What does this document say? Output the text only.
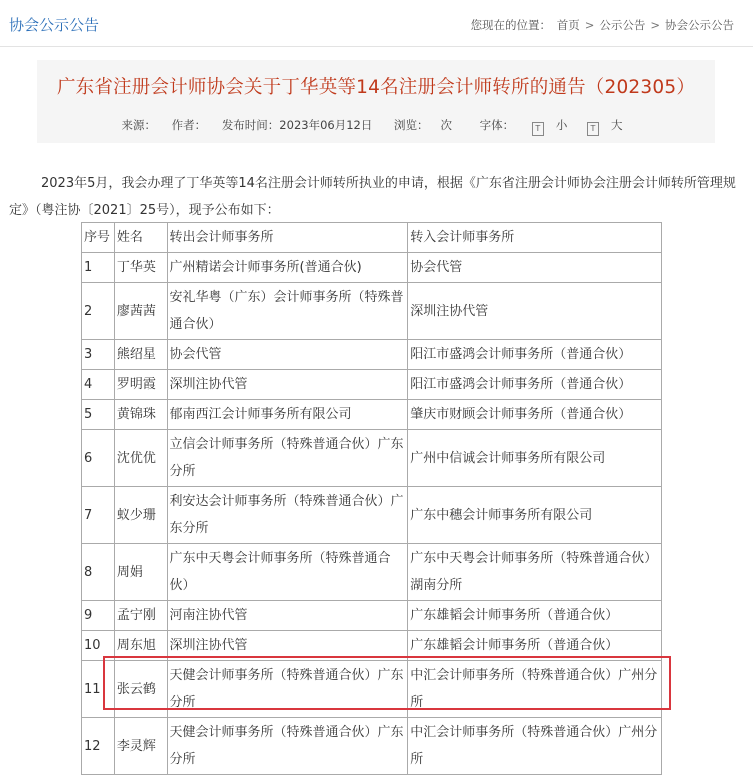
协会公示公告	您现在的位置： 首页 > 公示公告 > 协会公示公告
广东省注册会计师协会关于丁华英等14名注册会计师转所的通告（202305）
来源： 作者： 发布时间：2023年06月12日 浏览： 次 字体：	T 小	T 大
2023年5月，我会办理了丁华英等14名注册会计师转所执业的申请，根据《广东省注册会计师协会注册会计师转所管理规定》（粤注协〔2021〕25号），现予公布如下：
序号	姓名	转出会计师事务所	转入会计师事务所
1	丁华英	广州精诺会计师事务所(普通合伙)	协会代管
2	廖茜茜	安礼华粤（广东）会计师事务所（特殊普通合伙）	深圳注协代管
3	熊绍星	协会代管	阳江市盛鸿会计师事务所（普通合伙）
4	罗明霞	深圳注协代管	阳江市盛鸿会计师事务所（普通合伙）
5	黄锦珠	郁南西江会计师事务所有限公司	肇庆市财顾会计师事务所（普通合伙）
6	沈优优	立信会计师事务所（特殊普通合伙）广东分所	广州中信诚会计师事务所有限公司
7	蚁少珊	利安达会计师事务所（特殊普通合伙）广东分所	广东中穗会计师事务所有限公司
8	周娟	广东中天粤会计师事务所（特殊普通合伙）	广东中天粤会计师事务所（特殊普通合伙）湖南分所
9	孟宁刚	河南注协代管	广东雄韬会计师事务所（普通合伙）
10	周东旭	深圳注协代管	广东雄韬会计师事务所（普通合伙）
11	张云鹤	天健会计师事务所（特殊普通合伙）广东分所	中汇会计师事务所（特殊普通合伙）广州分所
12	李灵辉	天健会计师事务所（特殊普通合伙）广东分所	中汇会计师事务所（特殊普通合伙）广州分所
